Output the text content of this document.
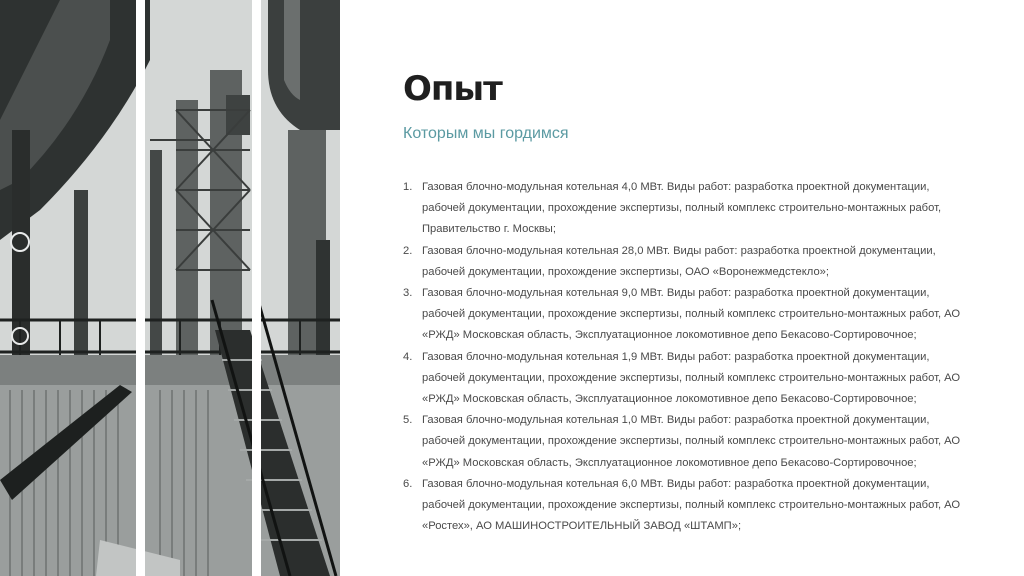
Опыт

Которым мы гордимся

1. Газовая блочно-модульная котельная 4,0 МВт. Виды работ: разработка проектной документации, рабочей документации, прохождение экспертизы, полный комплекс строительно-монтажных работ, Правительство г. Москвы;
2. Газовая блочно-модульная котельная 28,0 МВт. Виды работ: разработка проектной документации, рабочей документации, прохождение экспертизы, ОАО «Воронежмедстекло»;
3. Газовая блочно-модульная котельная 9,0 МВт. Виды работ: разработка проектной документации, рабочей документации, прохождение экспертизы, полный комплекс строительно-монтажных работ, АО «РЖД» Московская область, Эксплуатационное локомотивное депо Бекасово-Сортировочное;
4. Газовая блочно-модульная котельная 1,9 МВт. Виды работ: разработка проектной документации, рабочей документации, прохождение экспертизы, полный комплекс строительно-монтажных работ, АО «РЖД» Московская область, Эксплуатационное локомотивное депо Бекасово-Сортировочное;
5. Газовая блочно-модульная котельная 1,0 МВт. Виды работ: разработка проектной документации, рабочей документации, прохождение экспертизы, полный комплекс строительно-монтажных работ, АО «РЖД» Московская область, Эксплуатационное локомотивное депо Бекасово-Сортировочное;
6. Газовая блочно-модульная котельная 6,0 МВт. Виды работ: разработка проектной документации, рабочей документации, прохождение экспертизы, полный комплекс строительно-монтажных работ, АО «Ростех», АО МАШИНОСТРОИТЕЛЬНЫЙ ЗАВОД «ШТАМП»;
